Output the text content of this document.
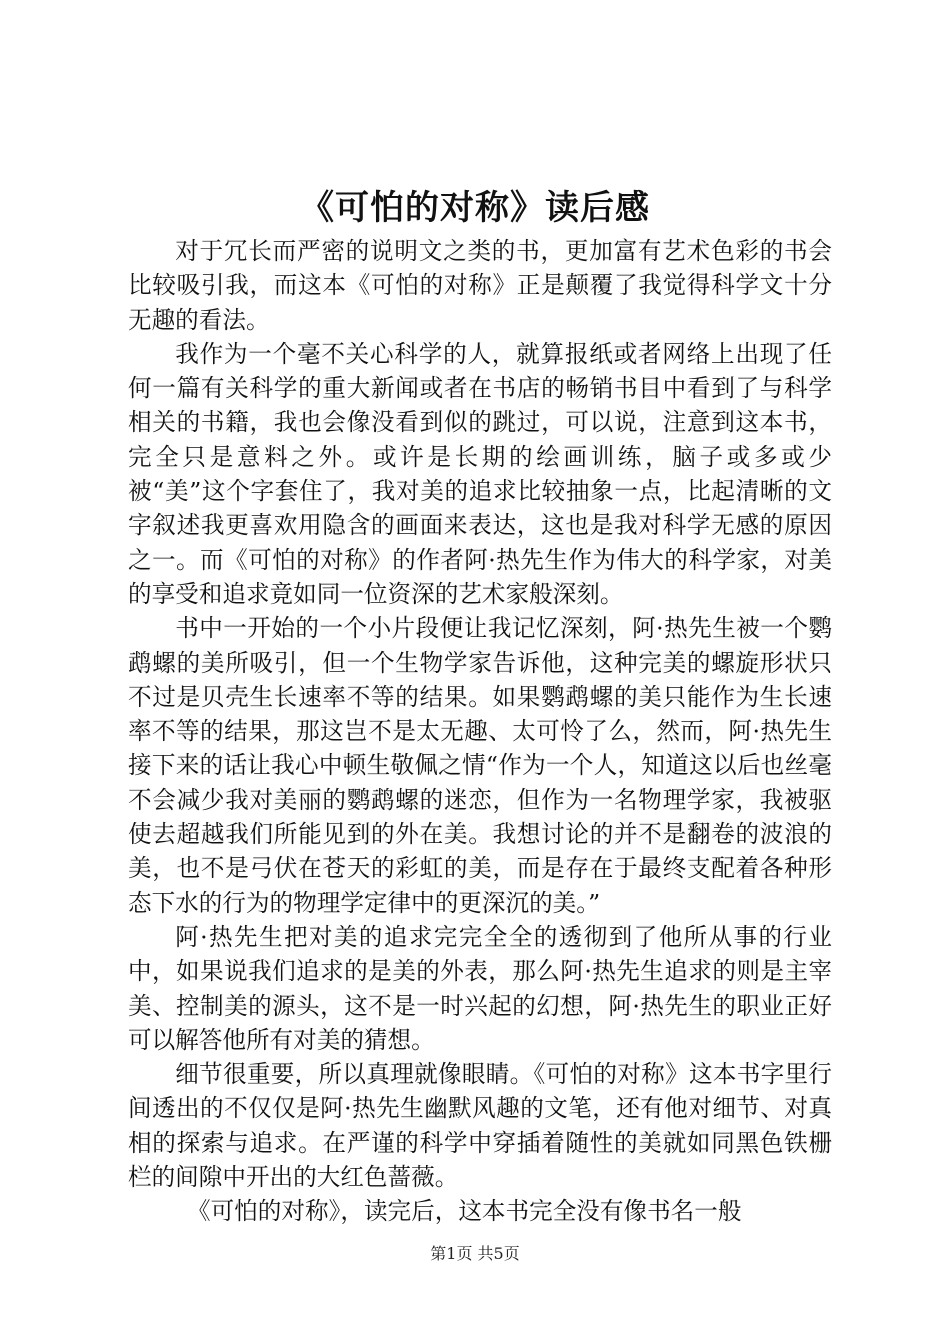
《可怕的对称》读后感

对于冗长而严密的说明文之类的书，更加富有艺术色彩的书会比较吸引我，而这本《可怕的对称》正是颠覆了我觉得科学文十分无趣的看法。

我作为一个毫不关心科学的人，就算报纸或者网络上出现了任何一篇有关科学的重大新闻或者在书店的畅销书目中看到了与科学相关的书籍，我也会像没看到似的跳过，可以说，注意到这本书，完全只是意料之外。或许是长期的绘画训练，脑子或多或少被“美”这个字套住了，我对美的追求比较抽象一点，比起清晰的文字叙述我更喜欢用隐含的画面来表达，这也是我对科学无感的原因之一。而《可怕的对称》的作者阿·热先生作为伟大的科学家，对美的享受和追求竟如同一位资深的艺术家般深刻。

书中一开始的一个小片段便让我记忆深刻，阿·热先生被一个鹦鹉螺的美所吸引，但一个生物学家告诉他，这种完美的螺旋形状只不过是贝壳生长速率不等的结果。如果鹦鹉螺的美只能作为生长速率不等的结果，那这岂不是太无趣、太可怜了么，然而，阿·热先生接下来的话让我心中顿生敬佩之情“作为一个人，知道这以后也丝毫不会减少我对美丽的鹦鹉螺的迷恋，但作为一名物理学家，我被驱使去超越我们所能见到的外在美。我想讨论的并不是翻卷的波浪的美，也不是弓伏在苍天的彩虹的美，而是存在于最终支配着各种形态下水的行为的物理学定律中的更深沉的美。”

阿·热先生把对美的追求完完全全的透彻到了他所从事的行业中，如果说我们追求的是美的外表，那么阿·热先生追求的则是主宰美、控制美的源头，这不是一时兴起的幻想，阿·热先生的职业正好可以解答他所有对美的猜想。

细节很重要，所以真理就像眼睛。《可怕的对称》这本书字里行间透出的不仅仅是阿·热先生幽默风趣的文笔，还有他对细节、对真相的探索与追求。在严谨的科学中穿插着随性的美就如同黑色铁栅栏的间隙中开出的大红色蔷薇。

《可怕的对称》，读完后，这本书完全没有像书名一般

第1页 共5页
